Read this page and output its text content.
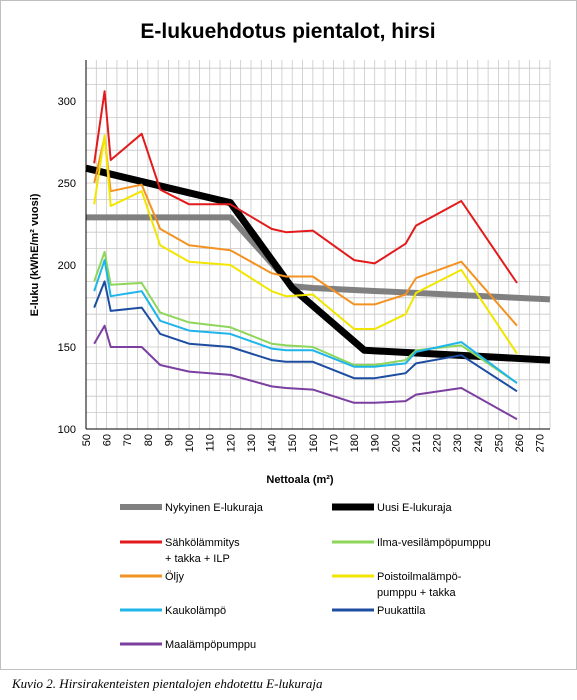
E-lukuehdotus pientalot, hirsi
100
150
200
250
300
50 60 70 80 90 100 110 120 130 140 150 160 170 180 190 200 210 220 230 240 250 260 270
E-luku (kWhE/m² vuosi)
Nettoala (m²)
Nykyinen E-lukuraja	Uusi E-lukuraja
Sähkölämmitys
+ takka + ILP
Ilma-vesilämpöpumppu
Öljy	Poistoilmalämpö-
pumppu + takka
Kaukolämpö	Puukattila
Maalämpöpumppu
Kuvio 2. Hirsirakenteisten pientalojen ehdotettu E-lukuraja
